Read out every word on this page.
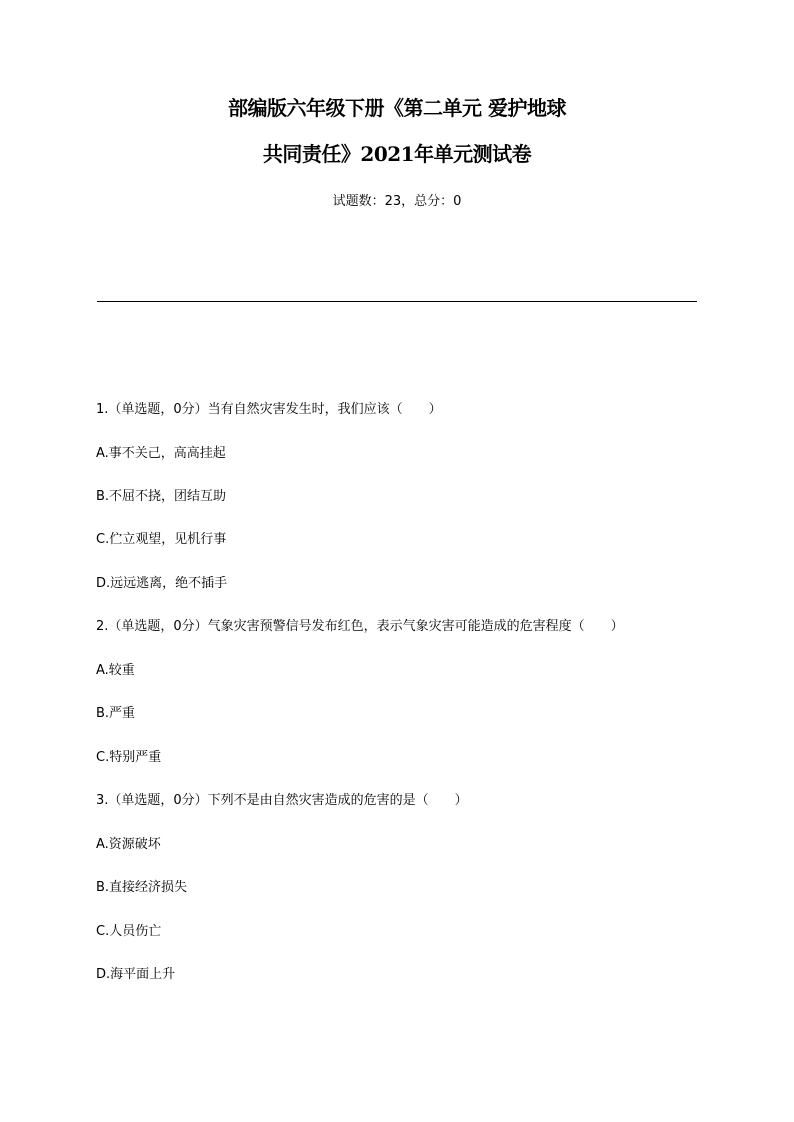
部编版六年级下册《第二单元 爱护地球
共同责任》2021年单元测试卷
试题数：23，总分：0
1.（单选题，0分）当有自然灾害发生时，我们应该（　　）
A.事不关己，高高挂起
B.不屈不挠，团结互助
C.伫立观望，见机行事
D.远远逃离，绝不插手
2.（单选题，0分）气象灾害预警信号发布红色，表示气象灾害可能造成的危害程度（　　）
A.较重
B.严重
C.特别严重
3.（单选题，0分）下列不是由自然灾害造成的危害的是（　　）
A.资源破坏
B.直接经济损失
C.人员伤亡
D.海平面上升
